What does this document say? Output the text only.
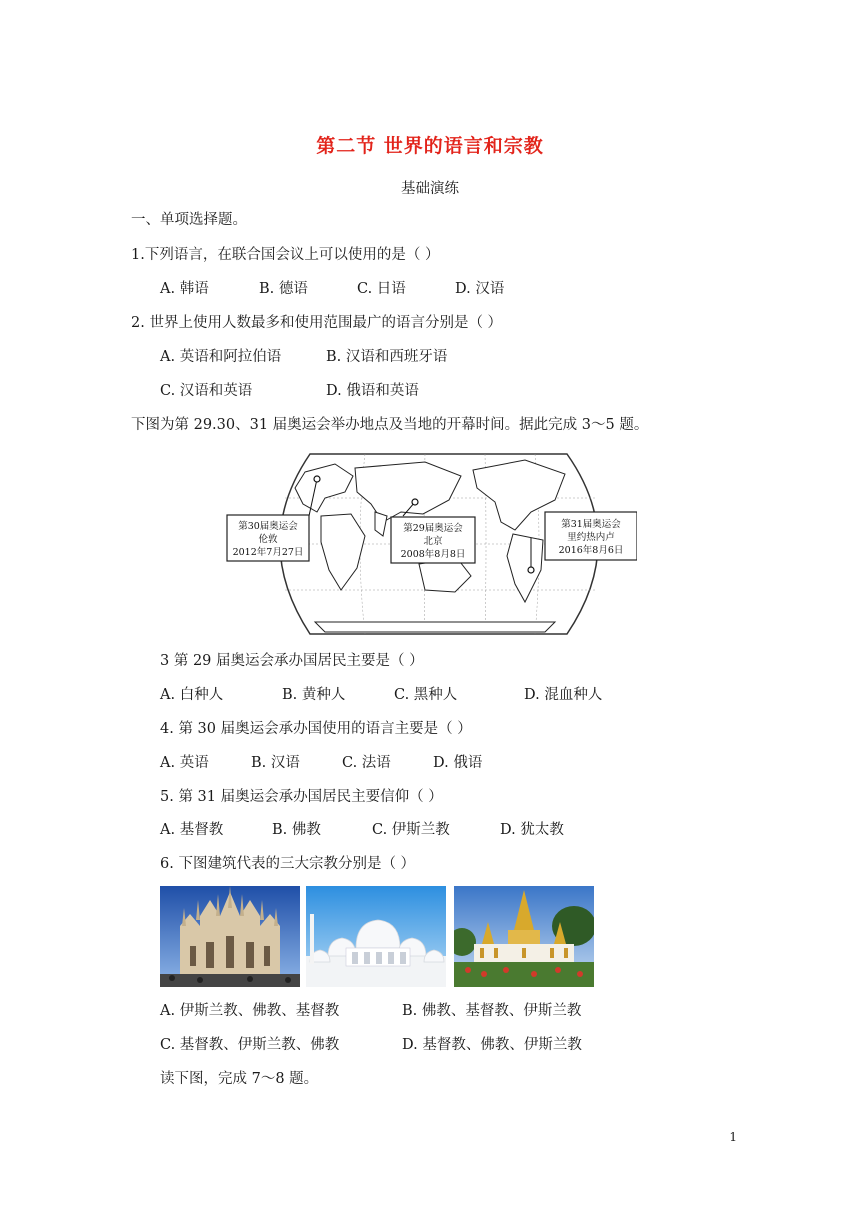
第二节 世界的语言和宗教
基础演练
一、单项选择题。
1.下列语言，在联合国会议上可以使用的是（ ）
A. 韩语	B. 德语	C. 日语	D. 汉语
2. 世界上使用人数最多和使用范围最广的语言分别是（ ）
A. 英语和阿拉伯语	B. 汉语和西班牙语
C. 汉语和英语	D. 俄语和英语
下图为第 29.30、31 届奥运会举办地点及当地的开幕时间。据此完成 3～5 题。
第30届奥运会
伦敦
2012年7月27日
第29届奥运会
北京
2008年8月8日
第31届奥运会
里约热内卢
2016年8月6日
3 第 29 届奥运会承办国居民主要是（ ）
A. 白种人	B. 黄种人	C. 黑种人	D. 混血种人
4. 第 30 届奥运会承办国使用的语言主要是（ ）
A. 英语	B. 汉语	C. 法语	D. 俄语
5. 第 31 届奥运会承办国居民主要信仰（ ）
A. 基督教	B. 佛教	C. 伊斯兰教	D. 犹太教
6. 下图建筑代表的三大宗教分别是（ ）
A. 伊斯兰教、佛教、基督教	B. 佛教、基督教、伊斯兰教
C. 基督教、伊斯兰教、佛教	D. 基督教、佛教、伊斯兰教
读下图，完成 7～8 题。
1
